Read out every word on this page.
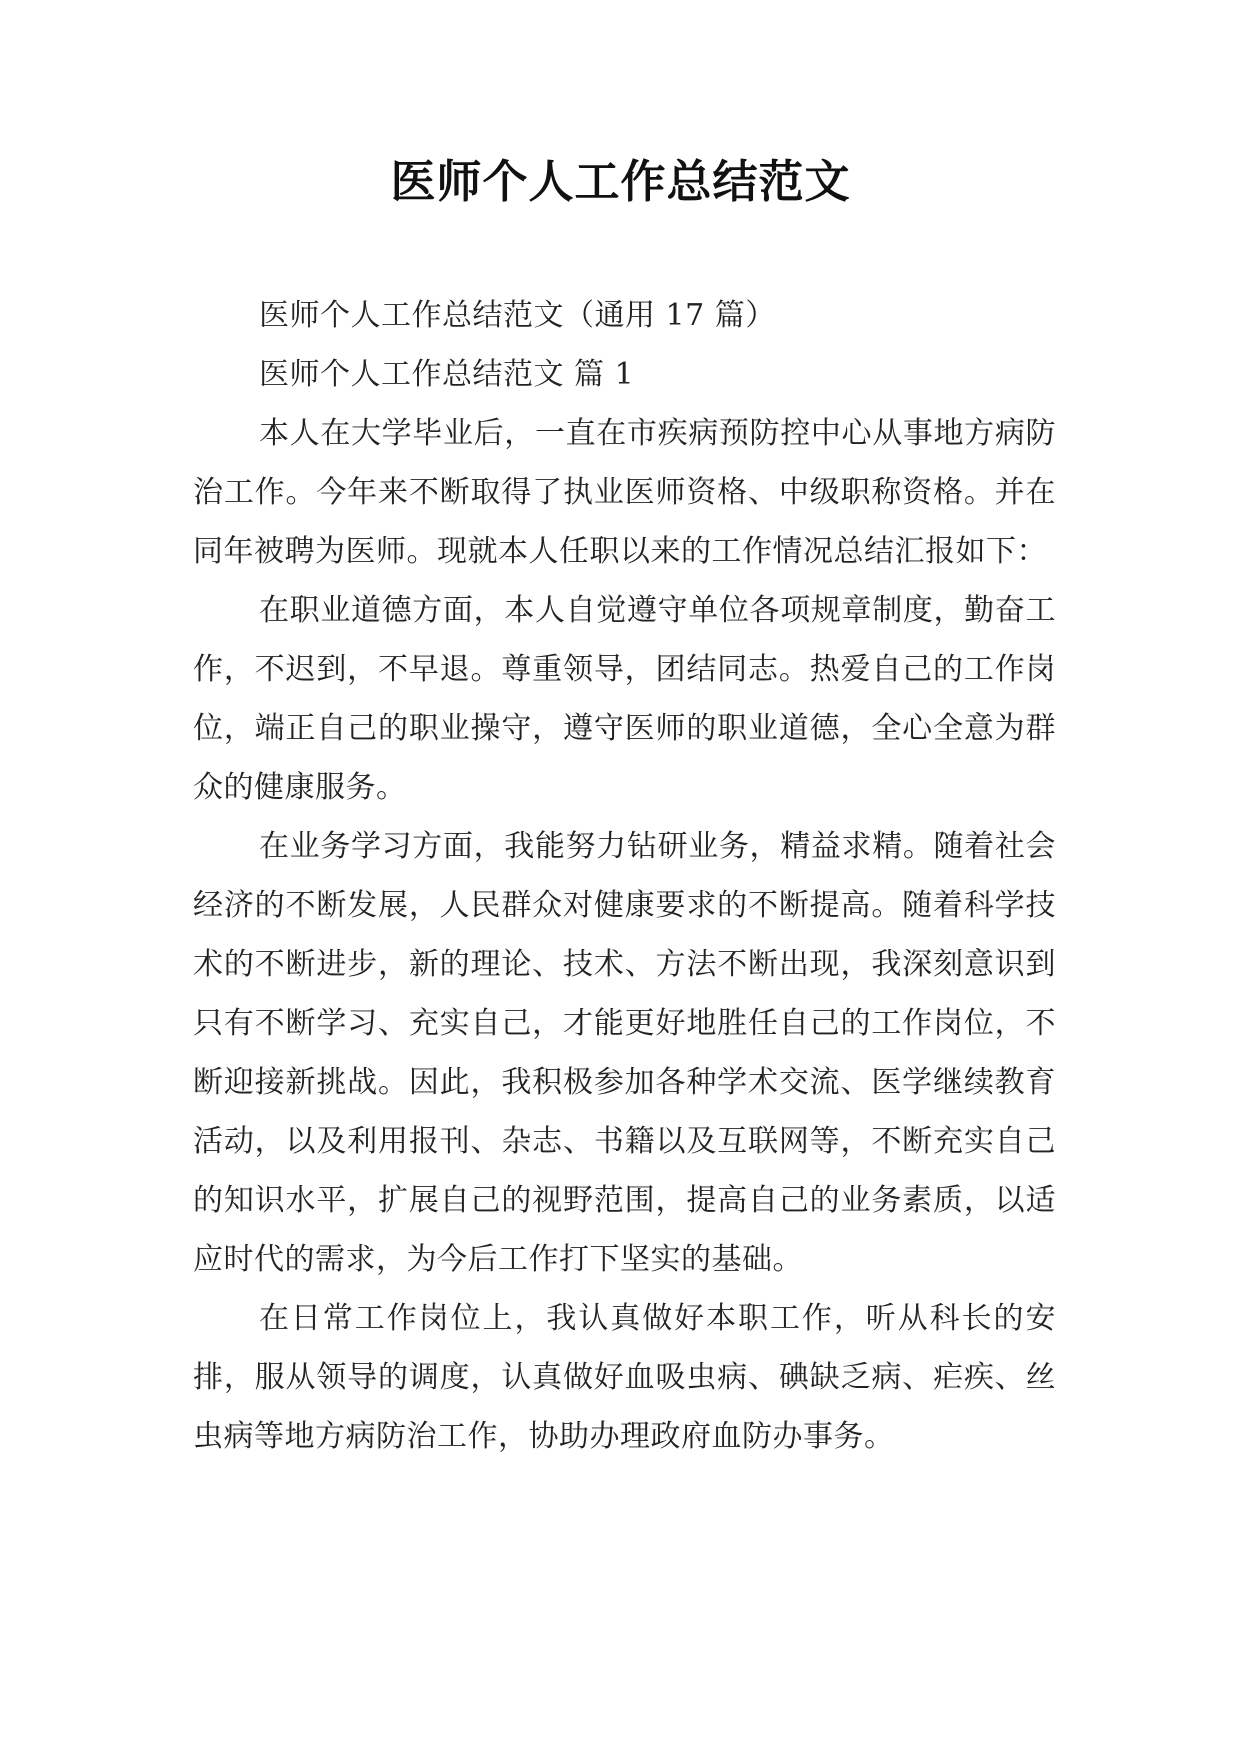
医师个人工作总结范文

医师个人工作总结范文（通用 17 篇）

医师个人工作总结范文 篇 1

本人在大学毕业后，一直在市疾病预防控中心从事地方病防治工作。今年来不断取得了执业医师资格、中级职称资格。并在同年被聘为医师。现就本人任职以来的工作情况总结汇报如下：

在职业道德方面，本人自觉遵守单位各项规章制度，勤奋工作，不迟到，不早退。尊重领导，团结同志。热爱自己的工作岗位，端正自己的职业操守，遵守医师的职业道德，全心全意为群众的健康服务。

在业务学习方面，我能努力钻研业务，精益求精。随着社会经济的不断发展，人民群众对健康要求的不断提高。随着科学技术的不断进步，新的理论、技术、方法不断出现，我深刻意识到只有不断学习、充实自己，才能更好地胜任自己的工作岗位，不断迎接新挑战。因此，我积极参加各种学术交流、医学继续教育活动，以及利用报刊、杂志、书籍以及互联网等，不断充实自己的知识水平，扩展自己的视野范围，提高自己的业务素质，以适应时代的需求，为今后工作打下坚实的基础。

在日常工作岗位上，我认真做好本职工作，听从科长的安排，服从领导的调度，认真做好血吸虫病、碘缺乏病、疟疾、丝虫病等地方病防治工作，协助办理政府血防办事务。
